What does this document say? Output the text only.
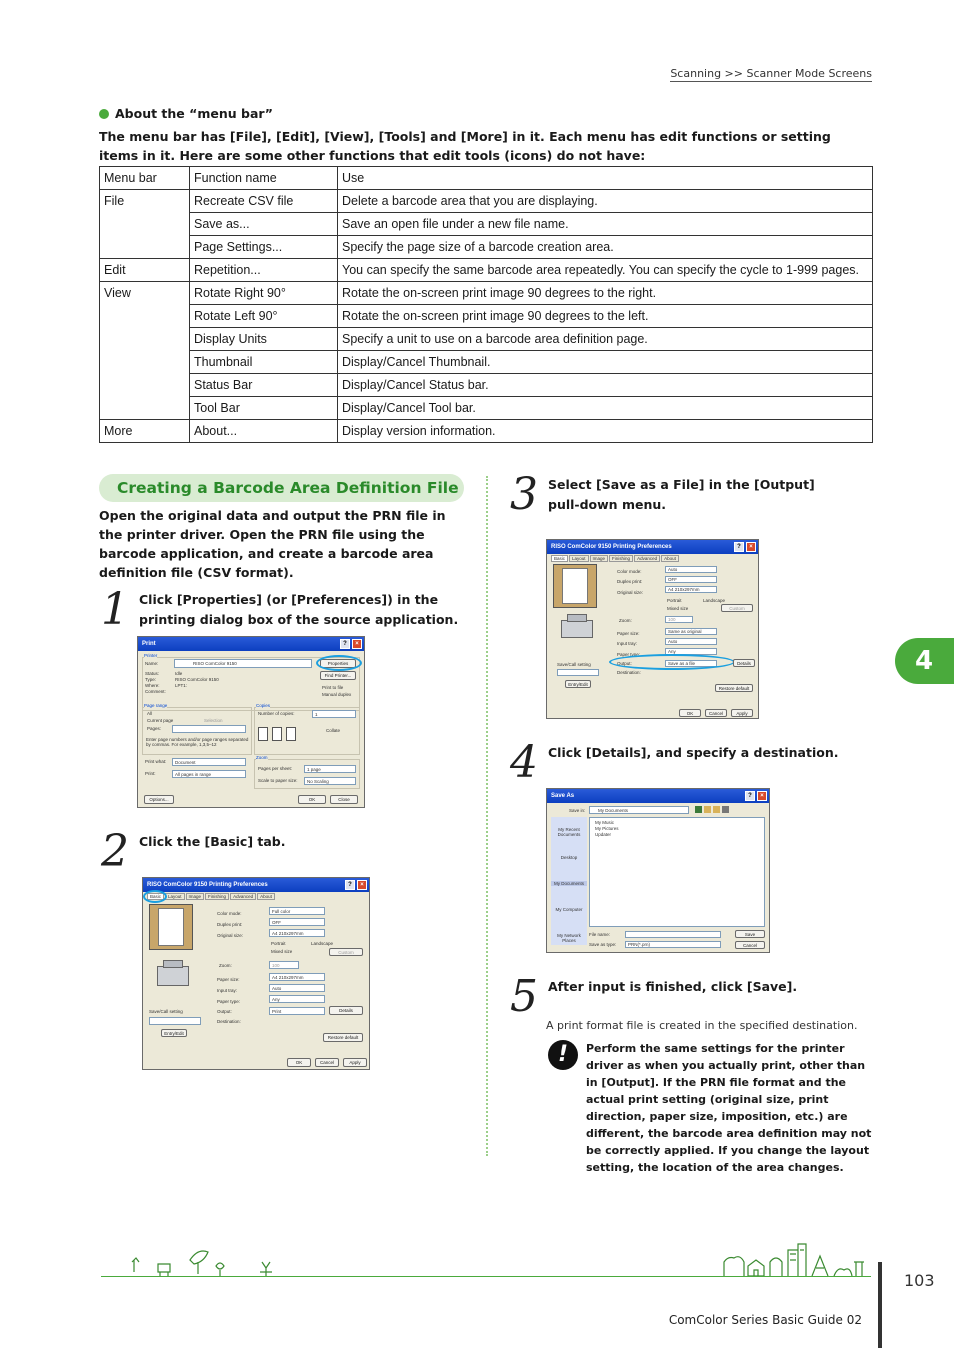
Scanning >> Scanner Mode Screens
About the “menu bar”
The menu bar has [File], [Edit], [View], [Tools] and [More] in it. Each menu has edit functions or setting items in it. Here are some other functions that edit tools (icons) do not have:
Menu bar	Function name	Use
File	Recreate CSV file	Delete a barcode area that you are displaying.
	Save as...	Save an open file under a new file name.
	Page Settings...	Specify the page size of a barcode creation area.
Edit	Repetition...	You can specify the same barcode area repeatedly. You can specify the cycle to 1-999 pages.
View	Rotate Right 90°	Rotate the on-screen print image 90 degrees to the right.
	Rotate Left 90°	Rotate the on-screen print image 90 degrees to the left.
	Display Units	Specify a unit to use on a barcode area definition page.
	Thumbnail	Display/Cancel Thumbnail.
	Status Bar	Display/Cancel Status bar.
	Tool Bar	Display/Cancel Tool bar.
More	About...	Display version information.
Creating a Barcode Area Definition File
Open the original data and output the PRN file in the printer driver. Open the PRN file using the barcode application, and create a barcode area definition file (CSV format).
1 Click [Properties] (or [Preferences]) in the printing dialog box of the source application.
Print	?	×
Printer
Name:	RISO ComColor 9150	Properties
Find Printer...
Status:	Idle
Type:	RISO ComColor 9150
Where:	LPT1:
Comment:
Print to file
Manual duplex
Page range
All
Current page	Selection
Pages:
Enter page numbers and/or page ranges separated by commas. For example, 1,3,5–12
Copies
Number of copies:	1
Collate
Print what: Document
Print:	All pages in range
Zoom
Pages per sheet:	1 page
Scale to paper size: No Scaling
Options...	OK	Close
2 Click the [Basic] tab.
RISO ComColor 9150 Printing Preferences	?	×
Basic	Layout	Image	Finishing	Advanced	About
Color mode:
Duplex print:
Original size:
Full color
OFF
A4 210x297mm
Portrait	Landscape
Mixed size	Custom
Zoom:	100
Paper size:
Input tray:
Paper type:
A4 210x297mm
Auto
Any
Output:	Print	Details
Destination:
Save/Call setting
Entry/Edit
Restore default
OK	Cancel	Apply
3 Select [Save as a File] in the [Output] pull-down menu.
RISO ComColor 9150 Printing Preferences	?	×
Basic	Layout	Image	Finishing	Advanced	About
Color mode:
Duplex print:
Original size:
Auto
OFF
A4 210x297mm
Portrait	Landscape
Mixed size	Custom
Zoom:	100
Paper size:
Input tray:
Paper type:
Same as original
Auto
Any
Output:	Save as a file	Details
Destination:
Save/Call setting
Entry/Edit
Restore default
OK	Cancel	Apply
4 Click [Details], and specify a destination.
Save As	?	×
Save in:	My Documents
My Recent Documents
Desktop
My Documents
My Computer
My Network Places
My Music
My Pictures
Updater
File name:
Save as type:	PRN(*.prn)
Save
Cancel
5 After input is finished, click [Save].
A print format file is created in the specified destination.
!	Perform the same settings for the printer driver as when you actually print, other than in [Output]. If the PRN file format and the actual print setting (original size, print direction, paper size, imposition, etc.) are different, the barcode area definition may not be correctly applied. If you change the layout setting, the location of the area changes.
4
103
ComColor Series Basic Guide 02
